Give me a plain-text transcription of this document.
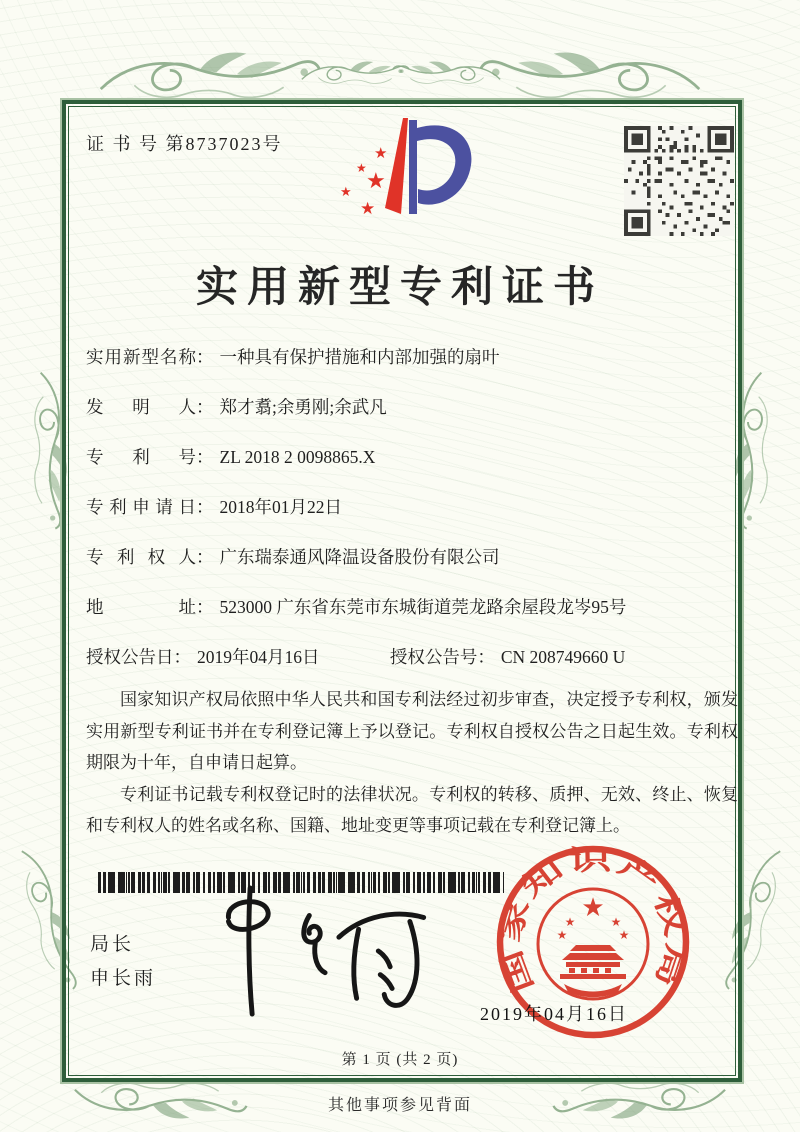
证 书 号 第8737023号	★
★ ★
★
★
实用新型专利证书
实用新型名称： 一种具有保护措施和内部加强的扇叶
发明人： 郑才翥;余勇刚;余武凡
专利号： ZL 2018 2 0098865.X
专利申请日： 2018年01月22日
专利权人： 广东瑞泰通风降温设备股份有限公司
地址： 523000 广东省东莞市东城街道莞龙路余屋段龙岑95号
授权公告日： 2019年04月16日	授权公告号： CN 208749660 U

国家知识产权局依照中华人民共和国专利法经过初步审查，决定授予专利权，颁发实用新型专利证书并在专利登记簿上予以登记。专利权自授权公告之日起生效。专利权期限为十年，自申请日起算。

专利证书记载专利权登记时的法律状况。专利权的转移、质押、无效、终止、恢复和专利权人的姓名或名称、国籍、地址变更等事项记载在专利登记簿上。

局长
申长雨	国家知识产权局
★
★	★
★	★
2019年04月16日
第 1 页 (共 2 页)
其他事项参见背面
